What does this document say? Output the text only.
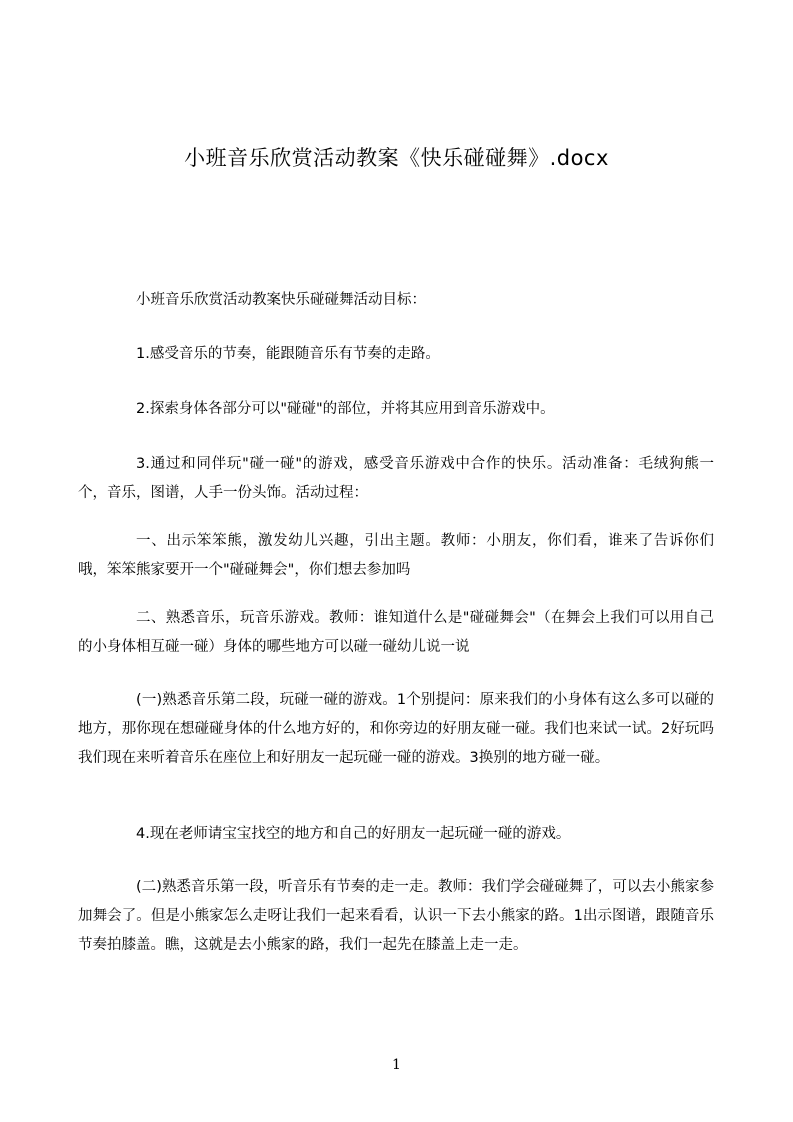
小班音乐欣赏活动教案《快乐碰碰舞》.docx

小班音乐欣赏活动教案快乐碰碰舞活动目标：

1.感受音乐的节奏，能跟随音乐有节奏的走路。

2.探索身体各部分可以"碰碰"的部位，并将其应用到音乐游戏中。

3.通过和同伴玩"碰一碰"的游戏，感受音乐游戏中合作的快乐。活动准备：毛绒狗熊一个，音乐，图谱，人手一份头饰。活动过程：

一、出示笨笨熊，激发幼儿兴趣，引出主题。教师：小朋友，你们看，谁来了告诉你们哦，笨笨熊家要开一个"碰碰舞会"，你们想去参加吗

二、熟悉音乐，玩音乐游戏。教师：谁知道什么是"碰碰舞会"（在舞会上我们可以用自己的小身体相互碰一碰）身体的哪些地方可以碰一碰幼儿说一说

(一)熟悉音乐第二段，玩碰一碰的游戏。1个别提问：原来我们的小身体有这么多可以碰的地方，那你现在想碰碰身体的什么地方好的，和你旁边的好朋友碰一碰。我们也来试一试。2好玩吗我们现在来听着音乐在座位上和好朋友一起玩碰一碰的游戏。3换别的地方碰一碰。

4.现在老师请宝宝找空的地方和自己的好朋友一起玩碰一碰的游戏。

(二)熟悉音乐第一段，听音乐有节奏的走一走。教师：我们学会碰碰舞了，可以去小熊家参加舞会了。但是小熊家怎么走呀让我们一起来看看，认识一下去小熊家的路。1出示图谱，跟随音乐节奏拍膝盖。瞧，这就是去小熊家的路，我们一起先在膝盖上走一走。

1
